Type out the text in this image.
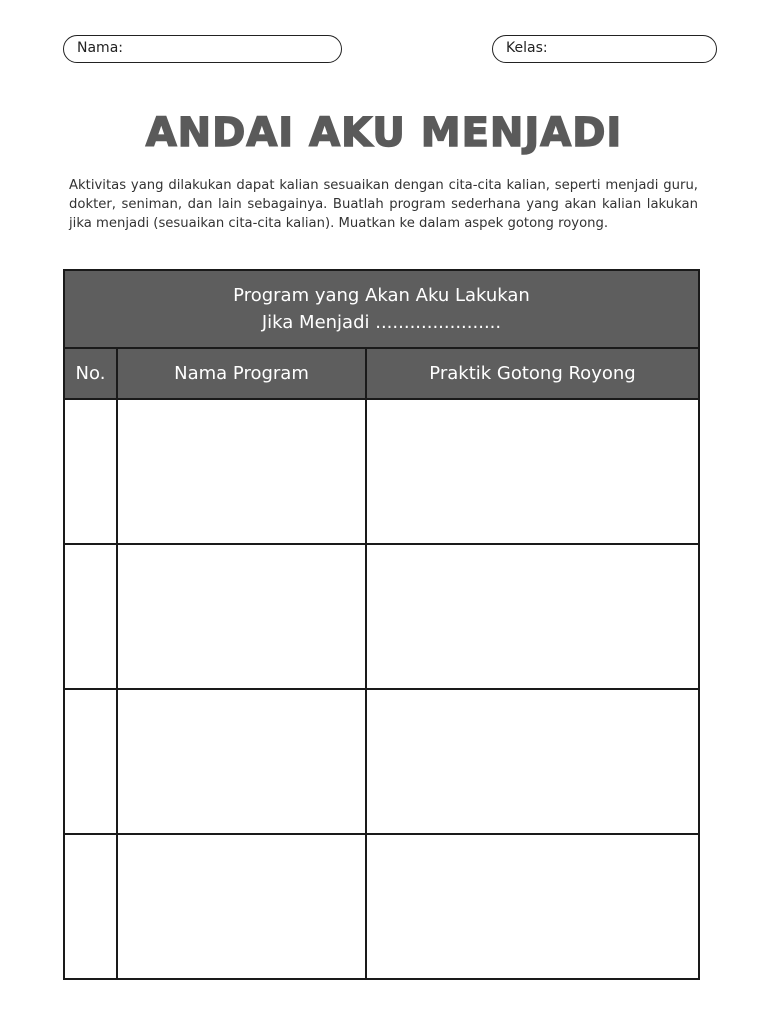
Nama:	Kelas:
ANDAI AKU MENJADI
Aktivitas yang dilakukan dapat kalian sesuaikan dengan cita-cita kalian, seperti menjadi guru, dokter, seniman, dan lain sebagainya. Buatlah program sederhana yang akan kalian lakukan jika menjadi (sesuaikan cita-cita kalian). Muatkan ke dalam aspek gotong royong.
Program yang Akan Aku Lakukan
Jika Menjadi ......................		

No.	Nama Program	Praktik Gotong Royong
